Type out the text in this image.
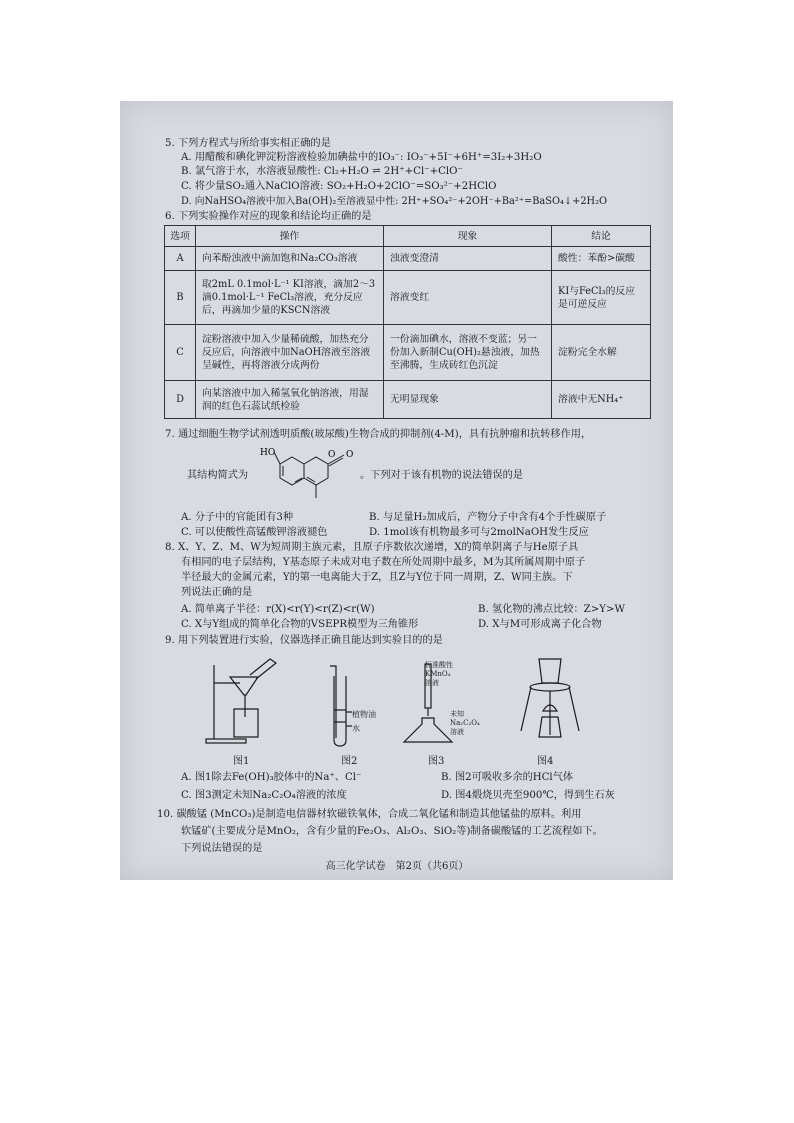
5. 下列方程式与所给事实相正确的是
A. 用醋酸和碘化钾淀粉溶液检验加碘盐中的IO₃⁻: IO₃⁻+5I⁻+6H⁺=3I₂+3H₂O
B. 氯气溶于水，水溶液显酸性: Cl₂+H₂O ⇌ 2H⁺+Cl⁻+ClO⁻
C. 将少量SO₂通入NaClO溶液: SO₂+H₂O+2ClO⁻=SO₃²⁻+2HClO
D. 向NaHSO₄溶液中加入Ba(OH)₂至溶液显中性: 2H⁺+SO₄²⁻+2OH⁻+Ba²⁺=BaSO₄↓+2H₂O
6. 下列实验操作对应的现象和结论均正确的是
选项	操作	现象	结论
A	向苯酚浊液中滴加饱和Na₂CO₃溶液	浊液变澄清	酸性：苯酚>碳酸
B	取2mL 0.1mol·L⁻¹ KI溶液，滴加2～3滴0.1mol·L⁻¹ FeCl₃溶液，充分反应后，再滴加少量的KSCN溶液	溶液变红	KI与FeCl₃的反应是可逆反应
C	淀粉溶液中加入少量稀硫酸，加热充分反应后，向溶液中加NaOH溶液至溶液呈碱性，再将溶液分成两份	一份滴加碘水，溶液不变蓝；另一份加入新制Cu(OH)₂悬浊液，加热至沸腾，生成砖红色沉淀	淀粉完全水解
D	向某溶液中加入稀氢氧化钠溶液，用湿润的红色石蕊试纸检验	无明显现象	溶液中无NH₄⁺
7. 通过细胞生物学试剂透明质酸(玻尿酸)生物合成的抑制剂(4-M)，具有抗肿瘤和抗转移作用，
其结构简式为
HO	O
O
。下列对于该有机物的说法错误的是
A. 分子中的官能团有3种	B. 与足量H₂加成后，产物分子中含有4个手性碳原子
C. 可以使酸性高锰酸钾溶液褪色	D. 1mol该有机物最多可与2molNaOH发生反应
8. X、Y、Z、M、W为短周期主族元素，且原子序数依次递增，X的简单阴离子与He原子具
有相同的电子层结构，Y基态原子未成对电子数在所处周期中最多，M为其所属周期中原子
半径最大的金属元素，Y的第一电离能大于Z，且Z与Y位于同一周期，Z、W同主族。下
列说法正确的是
A. 简单离子半径：r(X)<r(Y)<r(Z)<r(W)	B. 氢化物的沸点比较：Z>Y>W
C. X与Y组成的简单化合物的VSEPR模型为三角锥形	D. X与M可形成离子化合物
9. 用下列装置进行实验，仪器选择正确且能达到实验目的的是
植物油
水
标准酸性
KMnO₄
溶液
未知
Na₂C₂O₄
溶液
图1	图2	图3	图4
A. 图1除去Fe(OH)₃胶体中的Na⁺、Cl⁻	B. 图2可吸收多余的HCl气体
C. 图3测定未知Na₂C₂O₄溶液的浓度	D. 图4煅烧贝壳至900℃，得到生石灰
10. 碳酸锰 (MnCO₃)是制造电信器材软磁铁氧体，合成二氧化锰和制造其他锰盐的原料。利用
软锰矿(主要成分是MnO₂，含有少量的Fe₂O₃、Al₂O₃、SiO₂等)制备碳酸锰的工艺流程如下。
下列说法错误的是
高三化学试卷　第2页（共6页）
